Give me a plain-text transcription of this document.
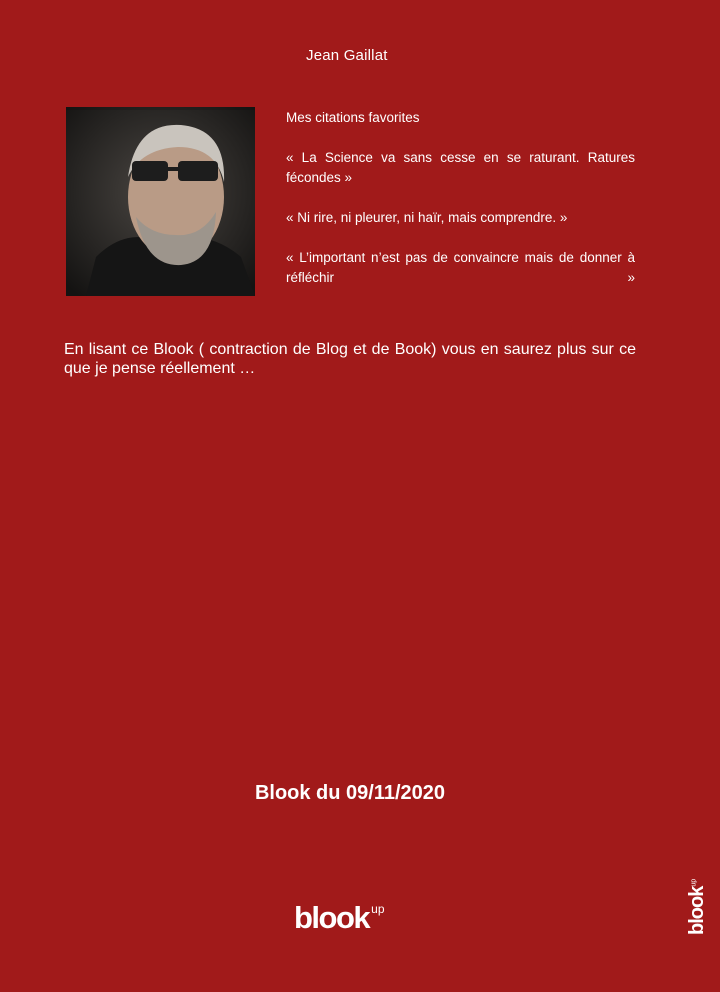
Jean Gaillat

Mes citations favorites

« La Science va sans cesse en se raturant. Ratures fécondes »

« Ni rire, ni pleurer, ni haïr, mais comprendre. »

« L’important n’est pas de convaincre mais de donner à réfléchir »

En lisant ce Blook ( contraction de Blog et de Book) vous en saurez plus sur ce que je pense réellement …
Blook du 09/11/2020
blook $^{up}$	blook$^{up}$
